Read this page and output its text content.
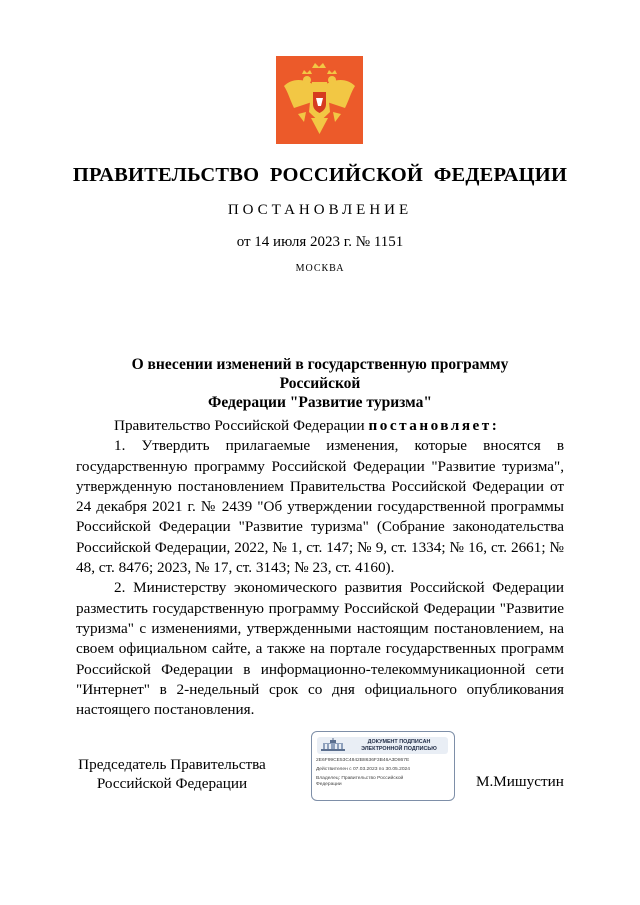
ПРАВИТЕЛЬСТВО  РОССИЙСКОЙ  ФЕДЕРАЦИИ
ПОСТАНОВЛЕНИЕ
от 14 июля 2023 г. № 1151
МОСКВА
О внесении изменений в государственную программу Российской
Федерации "Развитие туризма"

Правительство Российской Федерации постановляет:

1. Утвердить прилагаемые изменения, которые вносятся в государственную программу Российской Федерации "Развитие туризма", утвержденную постановлением Правительства Российской Федерации от 24 декабря 2021 г. № 2439 "Об утверждении государственной программы Российской Федерации "Развитие туризма" (Собрание законодательства Российской Федерации, 2022, № 1, ст. 147; № 9, ст. 1334; № 16, ст. 2661; № 48, ст. 8476; 2023, № 17, ст. 3143; № 23, ст. 4160).

2. Министерству экономического развития Российской Федерации разместить государственную программу Российской Федерации "Развитие туризма" с изменениями, утвержденными настоящим постановлением, на своем официальном сайте, а также на портале государственных программ Российской Федерации в информационно-телекоммуникационной сети "Интернет" в 2-недельный срок со дня официального опубликования настоящего постановления.

Председатель Правительства
Российской Федерации
ДОКУМЕНТ ПОДПИСАН
ЭЛЕКТРОННОЙ ПОДПИСЬЮ
2E6F99CE53C4842B8636F3B46A3D867E
Действителен с 07.03.2023 по 30.05.2024
Владелец: Правительство Российской
Федерации	М.Мишустин
